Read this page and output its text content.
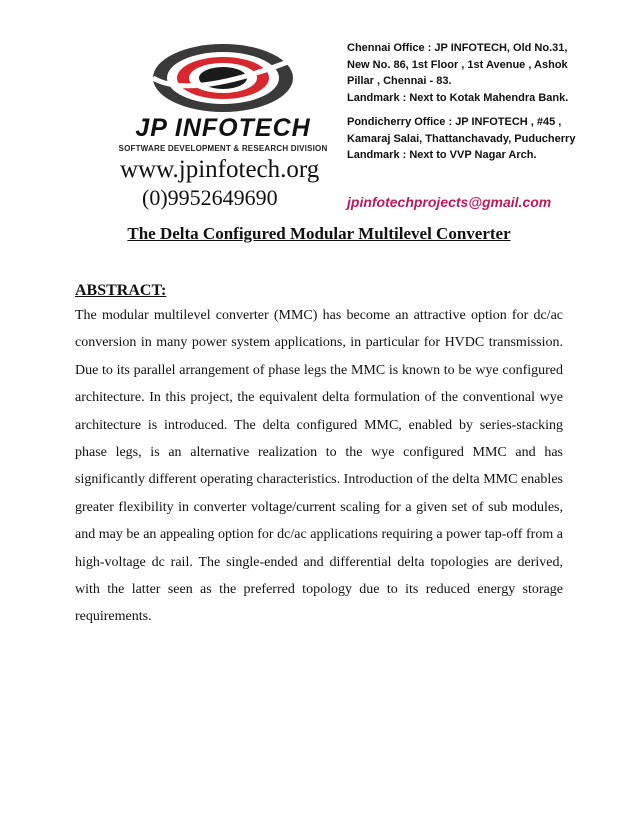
JP INFOTECH
SOFTWARE DEVELOPMENT & RESEARCH DIVISION
www.jpinfotech.org
(0)9952649690

Chennai Office : JP INFOTECH, Old No.31,

New No. 86, 1st Floor , 1st Avenue , Ashok

Pillar , Chennai - 83.

Landmark : Next to Kotak Mahendra Bank.

Pondicherry Office : JP INFOTECH , #45 ,

Kamaraj Salai, Thattanchavady, Puducherry

Landmark : Next to VVP Nagar Arch.

jpinfotechprojects@gmail.com
The Delta Configured Modular Multilevel Converter
ABSTRACT:

The modular multilevel converter (MMC) has become an attractive option for dc/ac conversion in many power system applications, in particular for HVDC transmission. Due to its parallel arrangement of phase legs the MMC is known to be wye configured architecture. In this project, the equivalent delta formulation of the conventional wye architecture is introduced. The delta configured MMC, enabled by series-stacking phase legs, is an alternative realization to the wye configured MMC and has significantly different operating characteristics. Introduction of the delta MMC enables greater flexibility in converter voltage/current scaling for a given set of sub modules, and may be an appealing option for dc/ac applications requiring a power tap-off from a high-voltage dc rail. The single-ended and differential delta topologies are derived, with the latter seen as the preferred topology due to its reduced energy storage requirements.
